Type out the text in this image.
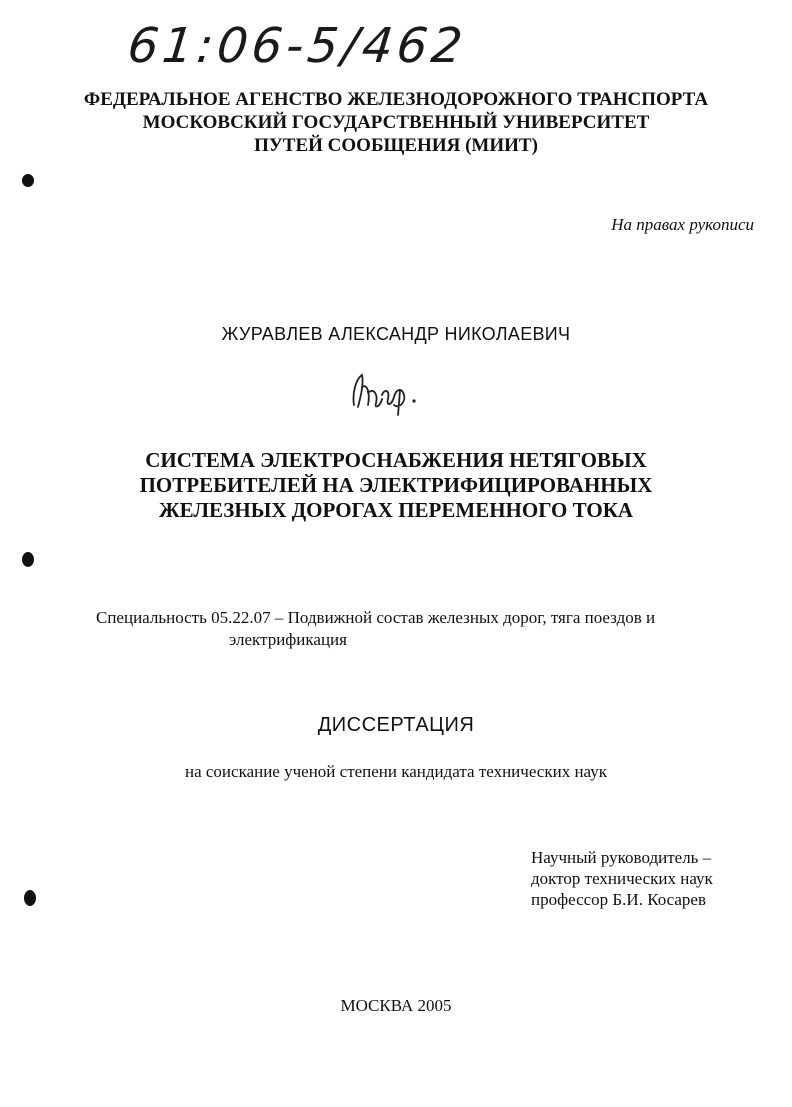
61:06-5/462
ФЕДЕРАЛЬНОЕ АГЕНСТВО ЖЕЛЕЗНОДОРОЖНОГО ТРАНСПОРТА
МОСКОВСКИЙ ГОСУДАРСТВЕННЫЙ УНИВЕРСИТЕТ
ПУТЕЙ СООБЩЕНИЯ (МИИТ)
На правах рукописи
ЖУРАВЛЕВ АЛЕКСАНДР НИКОЛАЕВИЧ
СИСТЕМА ЭЛЕКТРОСНАБЖЕНИЯ НЕТЯГОВЫХ
ПОТРЕБИТЕЛЕЙ НА ЭЛЕКТРИФИЦИРОВАННЫХ
ЖЕЛЕЗНЫХ ДОРОГАХ ПЕРЕМЕННОГО ТОКА
Специальность 05.22.07 – Подвижной состав железных дорог, тяга поездов и
электрификация
ДИССЕРТАЦИЯ
на соискание ученой степени кандидата технических наук
Научный руководитель –
доктор технических наук
профессор Б.И. Косарев
МОСКВА 2005
